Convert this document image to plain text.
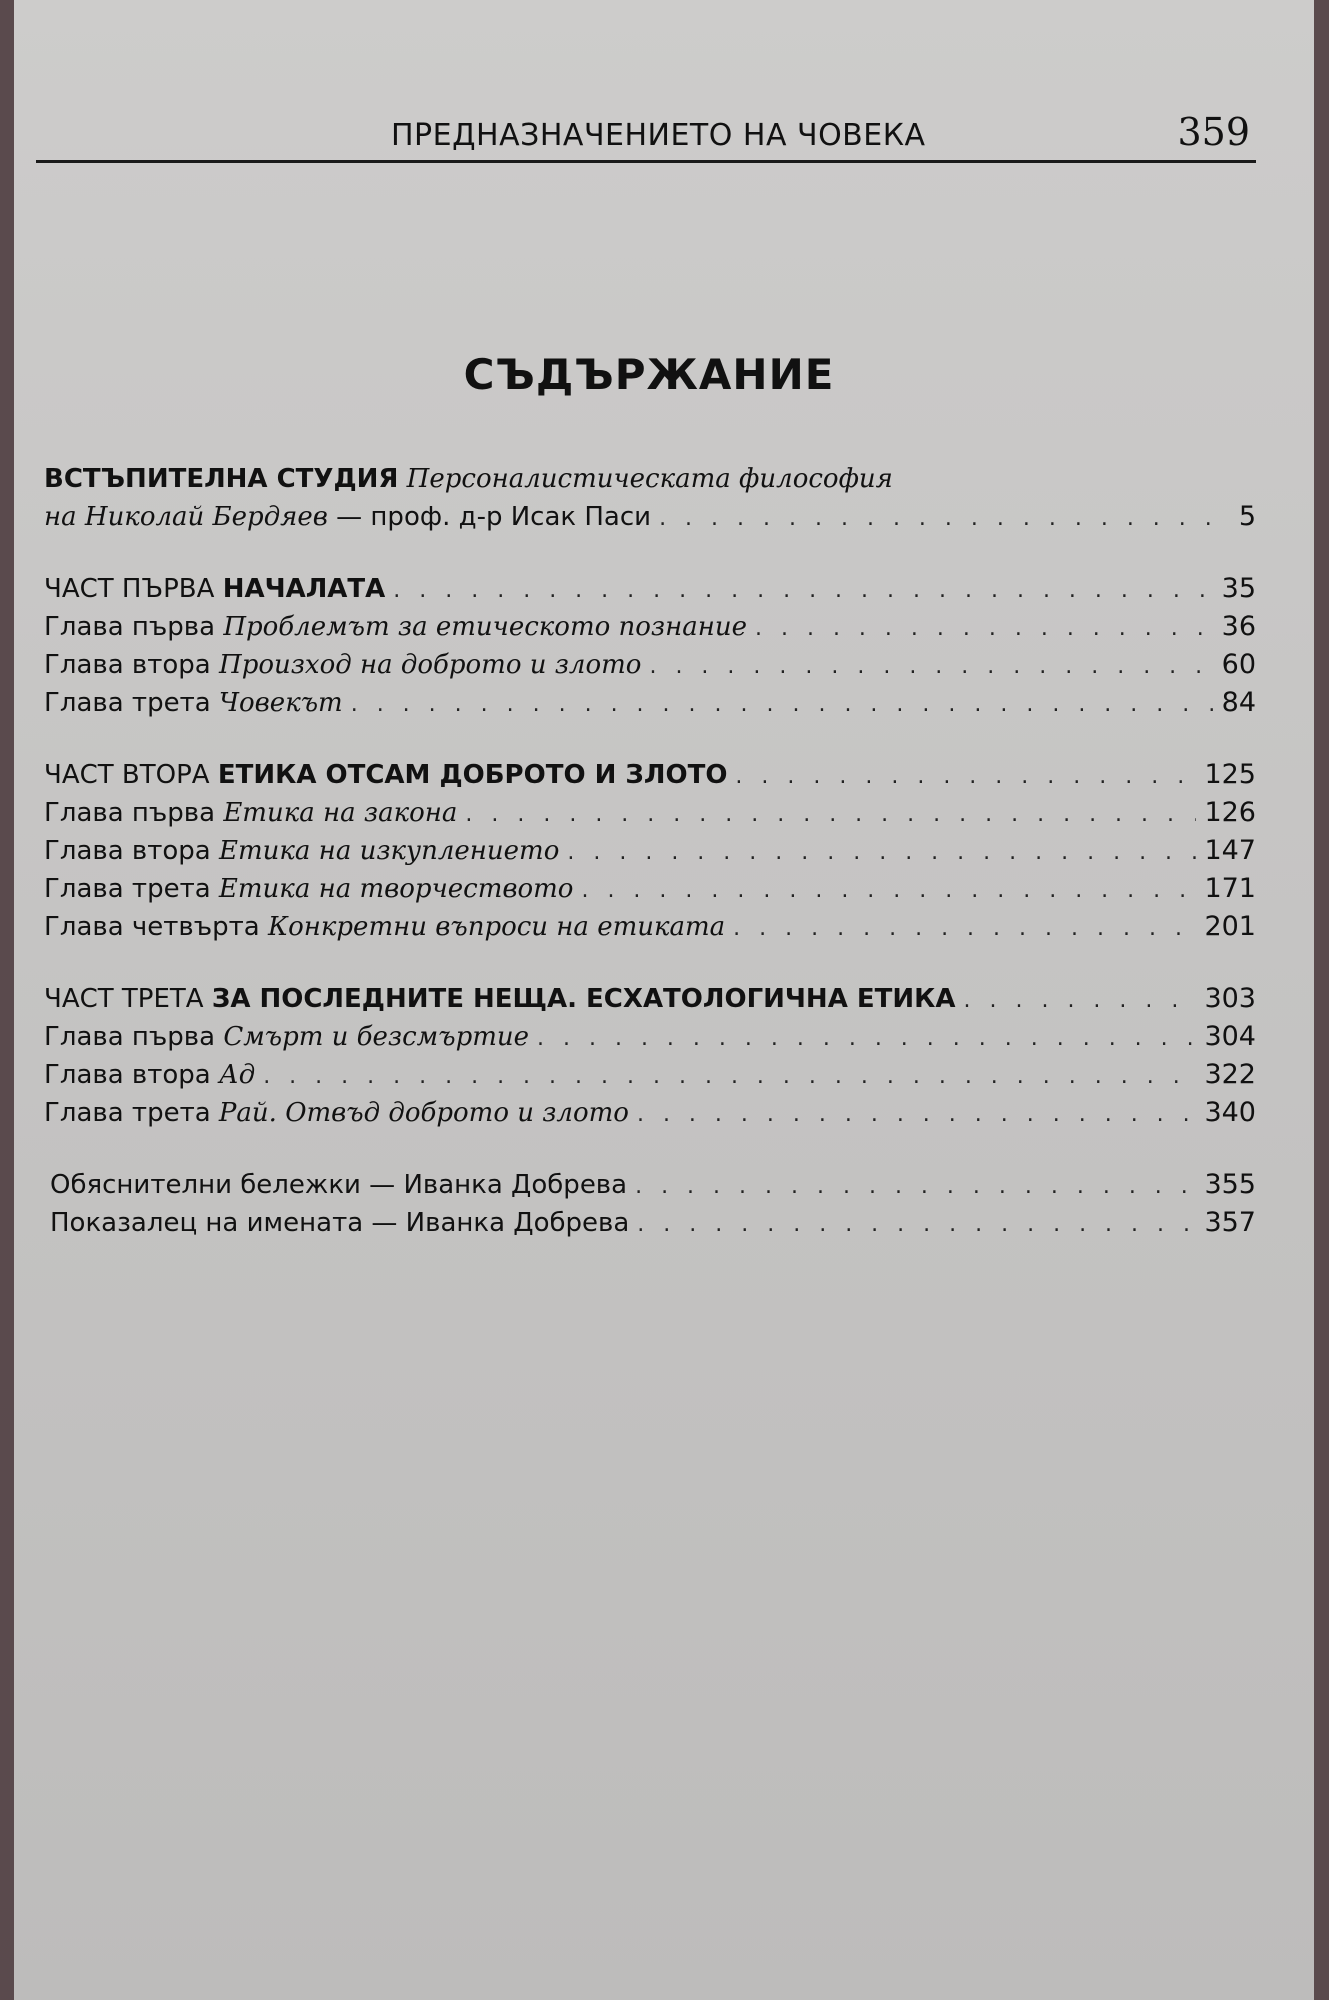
ПРЕДНАЗНАЧЕНИЕТО НА ЧОВЕКА	359
СЪДЪРЖАНИЕ
ВСТЪПИТЕЛНА СТУДИЯ Персоналистическата философия
на Николай Бердяев — проф. д-р Исак Паси . . .	5
ЧАСТ ПЪРВА НАЧАЛАТА . . .	35
Глава първа Проблемът за етическото познание . . .	36
Глава втора Произход на доброто и злото . . .	60
Глава трета Човекът . . .	84
ЧАСТ ВТОРА ЕТИКА ОТСАМ ДОБРОТО И ЗЛОТО . . .	125
Глава първа Етика на закона . . .	126
Глава втора Етика на изкуплението . . .	147
Глава трета Етика на творчеството . . .	171
Глава четвърта Конкретни въпроси на етиката . . .	201
ЧАСТ ТРЕТА ЗА ПОСЛЕДНИТЕ НЕЩА. ЕСХАТОЛОГИЧНА ЕТИКА . . .	303
Глава първа Смърт и безсмъртие . . .	304
Глава втора Ад . . .	322
Глава трета Рай. Отвъд доброто и злото . . .	340
Обяснителни бележки — Иванка Добрева . . .	355
Показалец на имената — Иванка Добрева . . .	357
